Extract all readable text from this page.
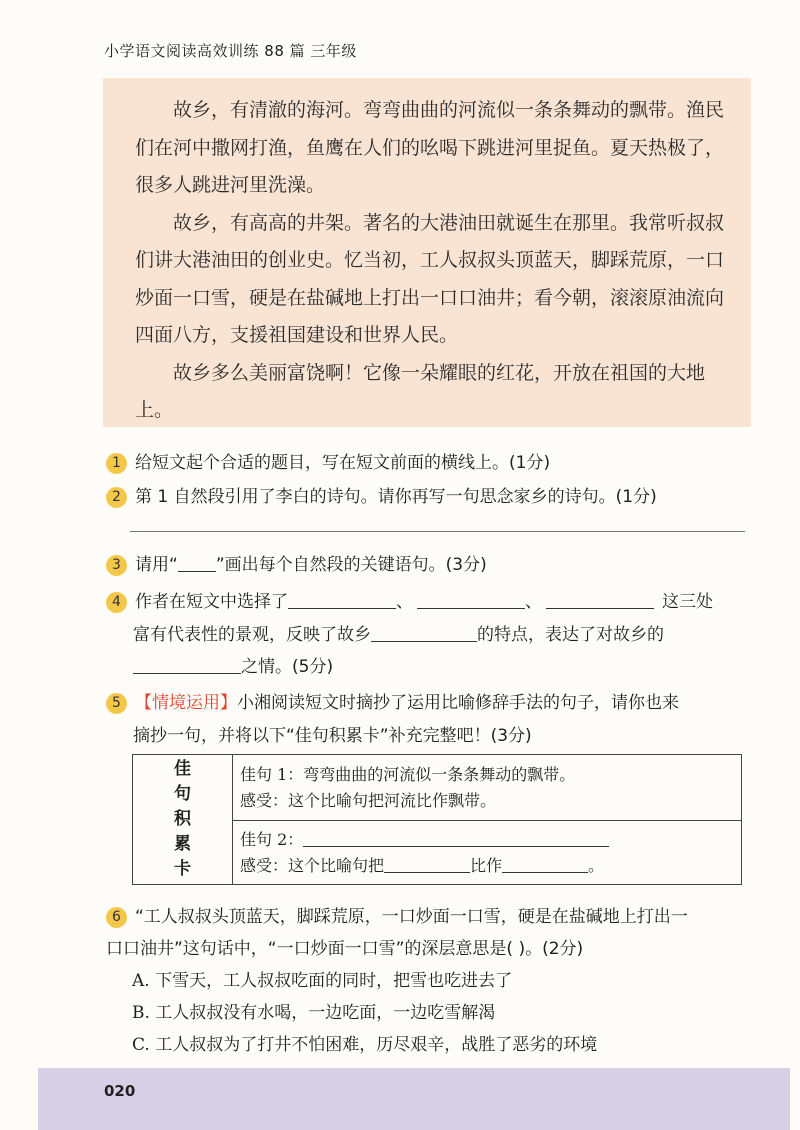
小学语文阅读高效训练 88 篇 三年级

故乡，有清澈的海河。弯弯曲曲的河流似一条条舞动的飘带。渔民们在河中撒网打渔，鱼鹰在人们的吆喝下跳进河里捉鱼。夏天热极了，很多人跳进河里洗澡。

故乡，有高高的井架。著名的大港油田就诞生在那里。我常听叔叔们讲大港油田的创业史。忆当初，工人叔叔头顶蓝天，脚踩荒原，一口炒面一口雪，硬是在盐碱地上打出一口口油井；看今朝，滚滚原油流向四面八方，支援祖国建设和世界人民。

故乡多么美丽富饶啊！它像一朵耀眼的红花，开放在祖国的大地上。

1 给短文起个合适的题目，写在短文前面的横线上。(1分)
2 第 1 自然段引用了李白的诗句。请你再写一句思念家乡的诗句。(1分)
3 请用“ ”画出每个自然段的关键语句。(3分)
4 作者在短文中选择了	、	、	这三处
富有代表性的景观，反映了故乡	的特点，表达了对故乡的
之情。(5分)
5 【情境运用】小湘阅读短文时摘抄了运用比喻修辞手法的句子，请你也来
摘抄一句，并将以下“佳句积累卡”补充完整吧！(3分)
佳
句
积
累
卡
佳句 1：弯弯曲曲的河流似一条条舞动的飘带。
感受：这个比喻句把河流比作飘带。
佳句 2：
感受：这个比喻句把	比作	。
6 “工人叔叔头顶蓝天，脚踩荒原，一口炒面一口雪，硬是在盐碱地上打出一
口口油井”这句话中，“一口炒面一口雪”的深层意思是( )。(2分)
A. 下雪天，工人叔叔吃面的同时，把雪也吃进去了
B. 工人叔叔没有水喝，一边吃面，一边吃雪解渴
C. 工人叔叔为了打井不怕困难，历尽艰辛，战胜了恶劣的环境
020
